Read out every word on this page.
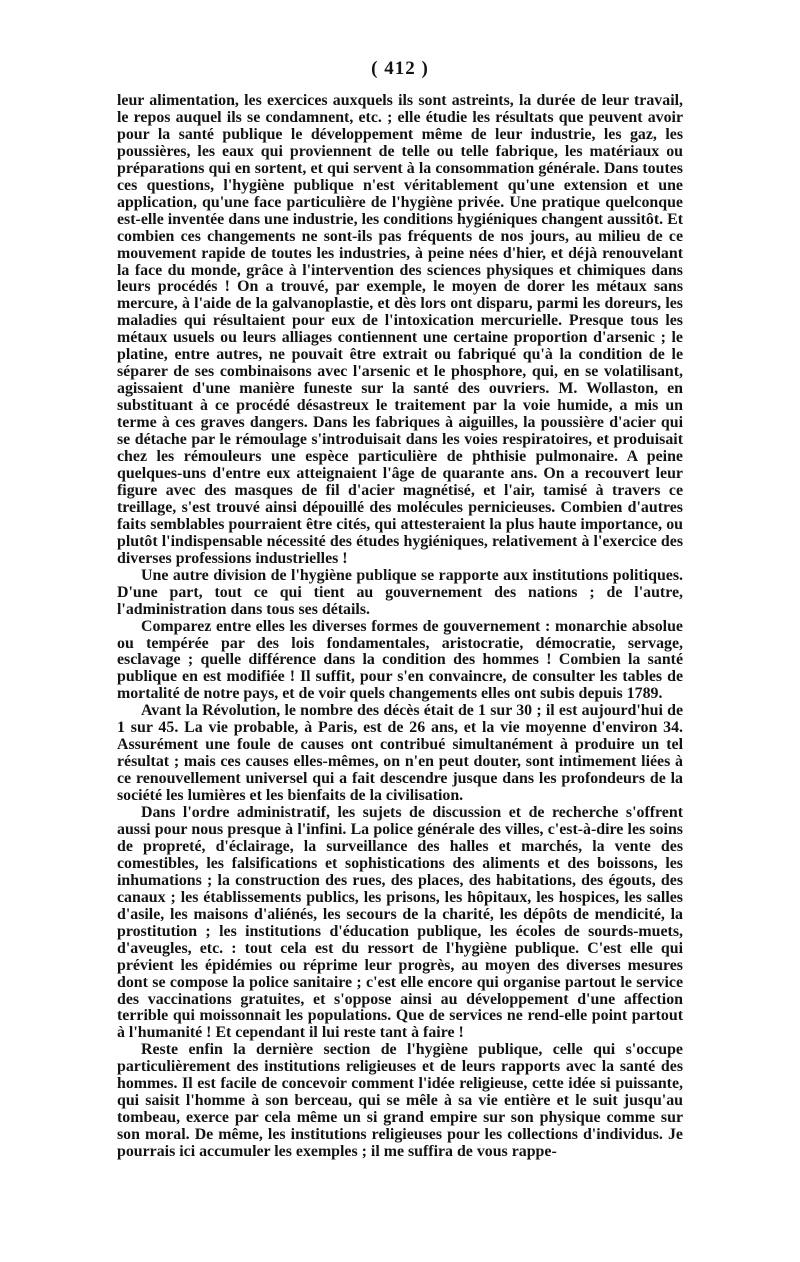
( 412 )

leur alimentation, les exercices auxquels ils sont astreints, la durée de leur travail, le repos auquel ils se condamnent, etc. ; elle étudie les résultats que peuvent avoir pour la santé publique le développement même de leur industrie, les gaz, les poussières, les eaux qui proviennent de telle ou telle fabrique, les matériaux ou préparations qui en sortent, et qui servent à la consommation générale. Dans toutes ces questions, l'hygiène publique n'est véritablement qu'une extension et une application, qu'une face particulière de l'hygiène privée. Une pratique quelconque est-elle inventée dans une industrie, les conditions hygiéniques changent aussitôt. Et combien ces changements ne sont-ils pas fréquents de nos jours, au milieu de ce mouvement rapide de toutes les industries, à peine nées d'hier, et déjà renouvelant la face du monde, grâce à l'intervention des sciences physiques et chimiques dans leurs procédés ! On a trouvé, par exemple, le moyen de dorer les métaux sans mercure, à l'aide de la galvanoplastie, et dès lors ont disparu, parmi les doreurs, les maladies qui résultaient pour eux de l'intoxication mercurielle. Presque tous les métaux usuels ou leurs alliages contiennent une certaine proportion d'arsenic ; le platine, entre autres, ne pouvait être extrait ou fabriqué qu'à la condition de le séparer de ses combinaisons avec l'arsenic et le phosphore, qui, en se volatilisant, agissaient d'une manière funeste sur la santé des ouvriers. M. Wollaston, en substituant à ce procédé désastreux le traitement par la voie humide, a mis un terme à ces graves dangers. Dans les fabriques à aiguilles, la poussière d'acier qui se détache par le rémoulage s'introduisait dans les voies respiratoires, et produisait chez les rémouleurs une espèce particulière de phthisie pulmonaire. A peine quelques-uns d'entre eux atteignaient l'âge de quarante ans. On a recouvert leur figure avec des masques de fil d'acier magnétisé, et l'air, tamisé à travers ce treillage, s'est trouvé ainsi dépouillé des molécules pernicieuses. Combien d'autres faits semblables pourraient être cités, qui attesteraient la plus haute importance, ou plutôt l'indispensable nécessité des études hygiéniques, relativement à l'exercice des diverses professions industrielles !

Une autre division de l'hygiène publique se rapporte aux institutions politiques. D'une part, tout ce qui tient au gouvernement des nations ; de l'autre, l'administration dans tous ses détails.

Comparez entre elles les diverses formes de gouvernement : monarchie absolue ou tempérée par des lois fondamentales, aristocratie, démocratie, servage, esclavage ; quelle différence dans la condition des hommes ! Combien la santé publique en est modifiée ! Il suffit, pour s'en convaincre, de consulter les tables de mortalité de notre pays, et de voir quels changements elles ont subis depuis 1789.

Avant la Révolution, le nombre des décès était de 1 sur 30 ; il est aujourd'hui de 1 sur 45. La vie probable, à Paris, est de 26 ans, et la vie moyenne d'environ 34. Assurément une foule de causes ont contribué simultanément à produire un tel résultat ; mais ces causes elles-mêmes, on n'en peut douter, sont intimement liées à ce renouvellement universel qui a fait descendre jusque dans les profondeurs de la société les lumières et les bienfaits de la civilisation.

Dans l'ordre administratif, les sujets de discussion et de recherche s'offrent aussi pour nous presque à l'infini. La police générale des villes, c'est-à-dire les soins de propreté, d'éclairage, la surveillance des halles et marchés, la vente des comestibles, les falsifications et sophistications des aliments et des boissons, les inhumations ; la construction des rues, des places, des habitations, des égouts, des canaux ; les établissements publics, les prisons, les hôpitaux, les hospices, les salles d'asile, les maisons d'aliénés, les secours de la charité, les dépôts de mendicité, la prostitution ; les institutions d'éducation publique, les écoles de sourds-muets, d'aveugles, etc. : tout cela est du ressort de l'hygiène publique. C'est elle qui prévient les épidémies ou réprime leur progrès, au moyen des diverses mesures dont se compose la police sanitaire ; c'est elle encore qui organise partout le service des vaccinations gratuites, et s'oppose ainsi au développement d'une affection terrible qui moissonnait les populations. Que de services ne rend-elle point partout à l'humanité ! Et cependant il lui reste tant à faire !

Reste enfin la dernière section de l'hygiène publique, celle qui s'occupe particulièrement des institutions religieuses et de leurs rapports avec la santé des hommes. Il est facile de concevoir comment l'idée religieuse, cette idée si puissante, qui saisit l'homme à son berceau, qui se mêle à sa vie entière et le suit jusqu'au tombeau, exerce par cela même un si grand empire sur son physique comme sur son moral. De même, les institutions religieuses pour les collections d'individus. Je pourrais ici accumuler les exemples ; il me suffira de vous rappe-
